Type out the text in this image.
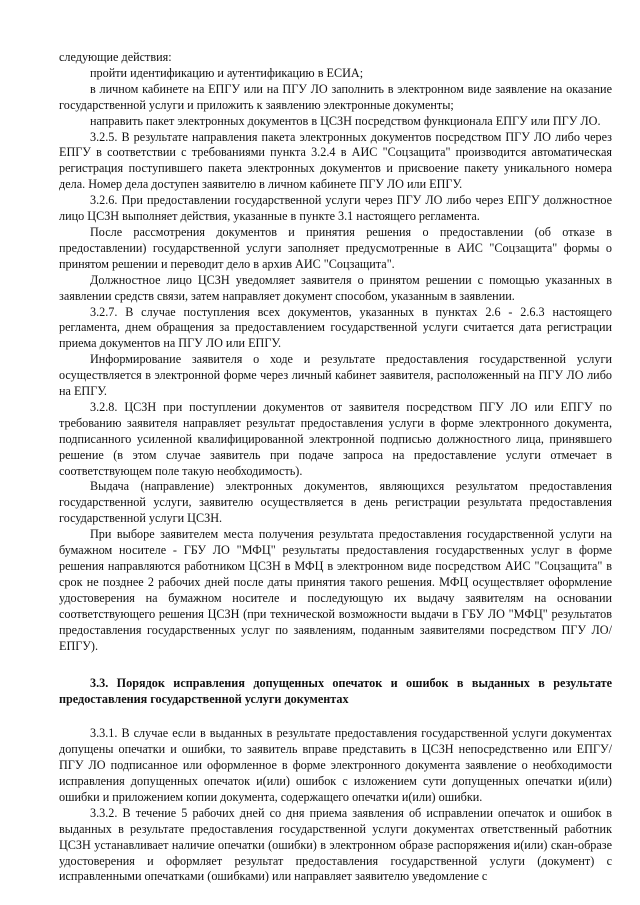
следующие действия:

пройти идентификацию и аутентификацию в ЕСИА;

в личном кабинете на ЕПГУ или на ПГУ ЛО заполнить в электронном виде заявление на оказание государственной услуги и приложить к заявлению электронные документы;

направить пакет электронных документов в ЦСЗН посредством функционала ЕПГУ или ПГУ ЛО.

3.2.5. В результате направления пакета электронных документов посредством ПГУ ЛО либо через ЕПГУ в соответствии с требованиями пункта 3.2.4 в АИС "Соцзащита" производится автоматическая регистрация поступившего пакета электронных документов и присвоение пакету уникального номера дела. Номер дела доступен заявителю в личном кабинете ПГУ ЛО или ЕПГУ.

3.2.6. При предоставлении государственной услуги через ПГУ ЛО либо через ЕПГУ должностное лицо ЦСЗН выполняет действия, указанные в пункте 3.1 настоящего регламента.

После рассмотрения документов и принятия решения о предоставлении (об отказе в предоставлении) государственной услуги заполняет предусмотренные в АИС "Соцзащита" формы о принятом решении и переводит дело в архив АИС "Соцзащита".

Должностное лицо ЦСЗН уведомляет заявителя о принятом решении с помощью указанных в заявлении средств связи, затем направляет документ способом, указанным в заявлении.

3.2.7. В случае поступления всех документов, указанных в пунктах 2.6 - 2.6.3 настоящего регламента, днем обращения за предоставлением государственной услуги считается дата регистрации приема документов на ПГУ ЛО или ЕПГУ.

Информирование заявителя о ходе и результате предоставления государственной услуги осуществляется в электронной форме через личный кабинет заявителя, расположенный на ПГУ ЛО либо на ЕПГУ.

3.2.8. ЦСЗН при поступлении документов от заявителя посредством ПГУ ЛО или ЕПГУ по требованию заявителя направляет результат предоставления услуги в форме электронного документа, подписанного усиленной квалифицированной электронной подписью должностного лица, принявшего решение (в этом случае заявитель при подаче запроса на предоставление услуги отмечает в соответствующем поле такую необходимость).

Выдача (направление) электронных документов, являющихся результатом предоставления государственной услуги, заявителю осуществляется в день регистрации результата предоставления государственной услуги ЦСЗН.

При выборе заявителем места получения результата предоставления государственной услуги на бумажном носителе - ГБУ ЛО "МФЦ" результаты предоставления государственных услуг в форме решения направляются работником ЦСЗН в МФЦ в электронном виде посредством АИС "Соцзащита" в срок не позднее 2 рабочих дней после даты принятия такого решения. МФЦ осуществляет оформление удостоверения на бумажном носителе и последующую их выдачу заявителям на основании соответствующего решения ЦСЗН (при технической возможности выдачи в ГБУ ЛО "МФЦ" результатов предоставления государственных услуг по заявлениям, поданным заявителями посредством ПГУ ЛО/ЕПГУ).

3.3. Порядок исправления допущенных опечаток и ошибок в выданных в результате предоставления государственной услуги документах

3.3.1. В случае если в выданных в результате предоставления государственной услуги документах допущены опечатки и ошибки, то заявитель вправе представить в ЦСЗН непосредственно или ЕПГУ/ПГУ ЛО подписанное или оформленное в форме электронного документа заявление о необходимости исправления допущенных опечаток и(или) ошибок с изложением сути допущенных опечатки и(или) ошибки и приложением копии документа, содержащего опечатки и(или) ошибки.

3.3.2. В течение 5 рабочих дней со дня приема заявления об исправлении опечаток и ошибок в выданных в результате предоставления государственной услуги документах ответственный работник ЦСЗН устанавливает наличие опечатки (ошибки) в электронном образе распоряжения и(или) скан-образе удостоверения и оформляет результат предоставления государственной услуги (документ) с исправленными опечатками (ошибками) или направляет заявителю уведомление с
